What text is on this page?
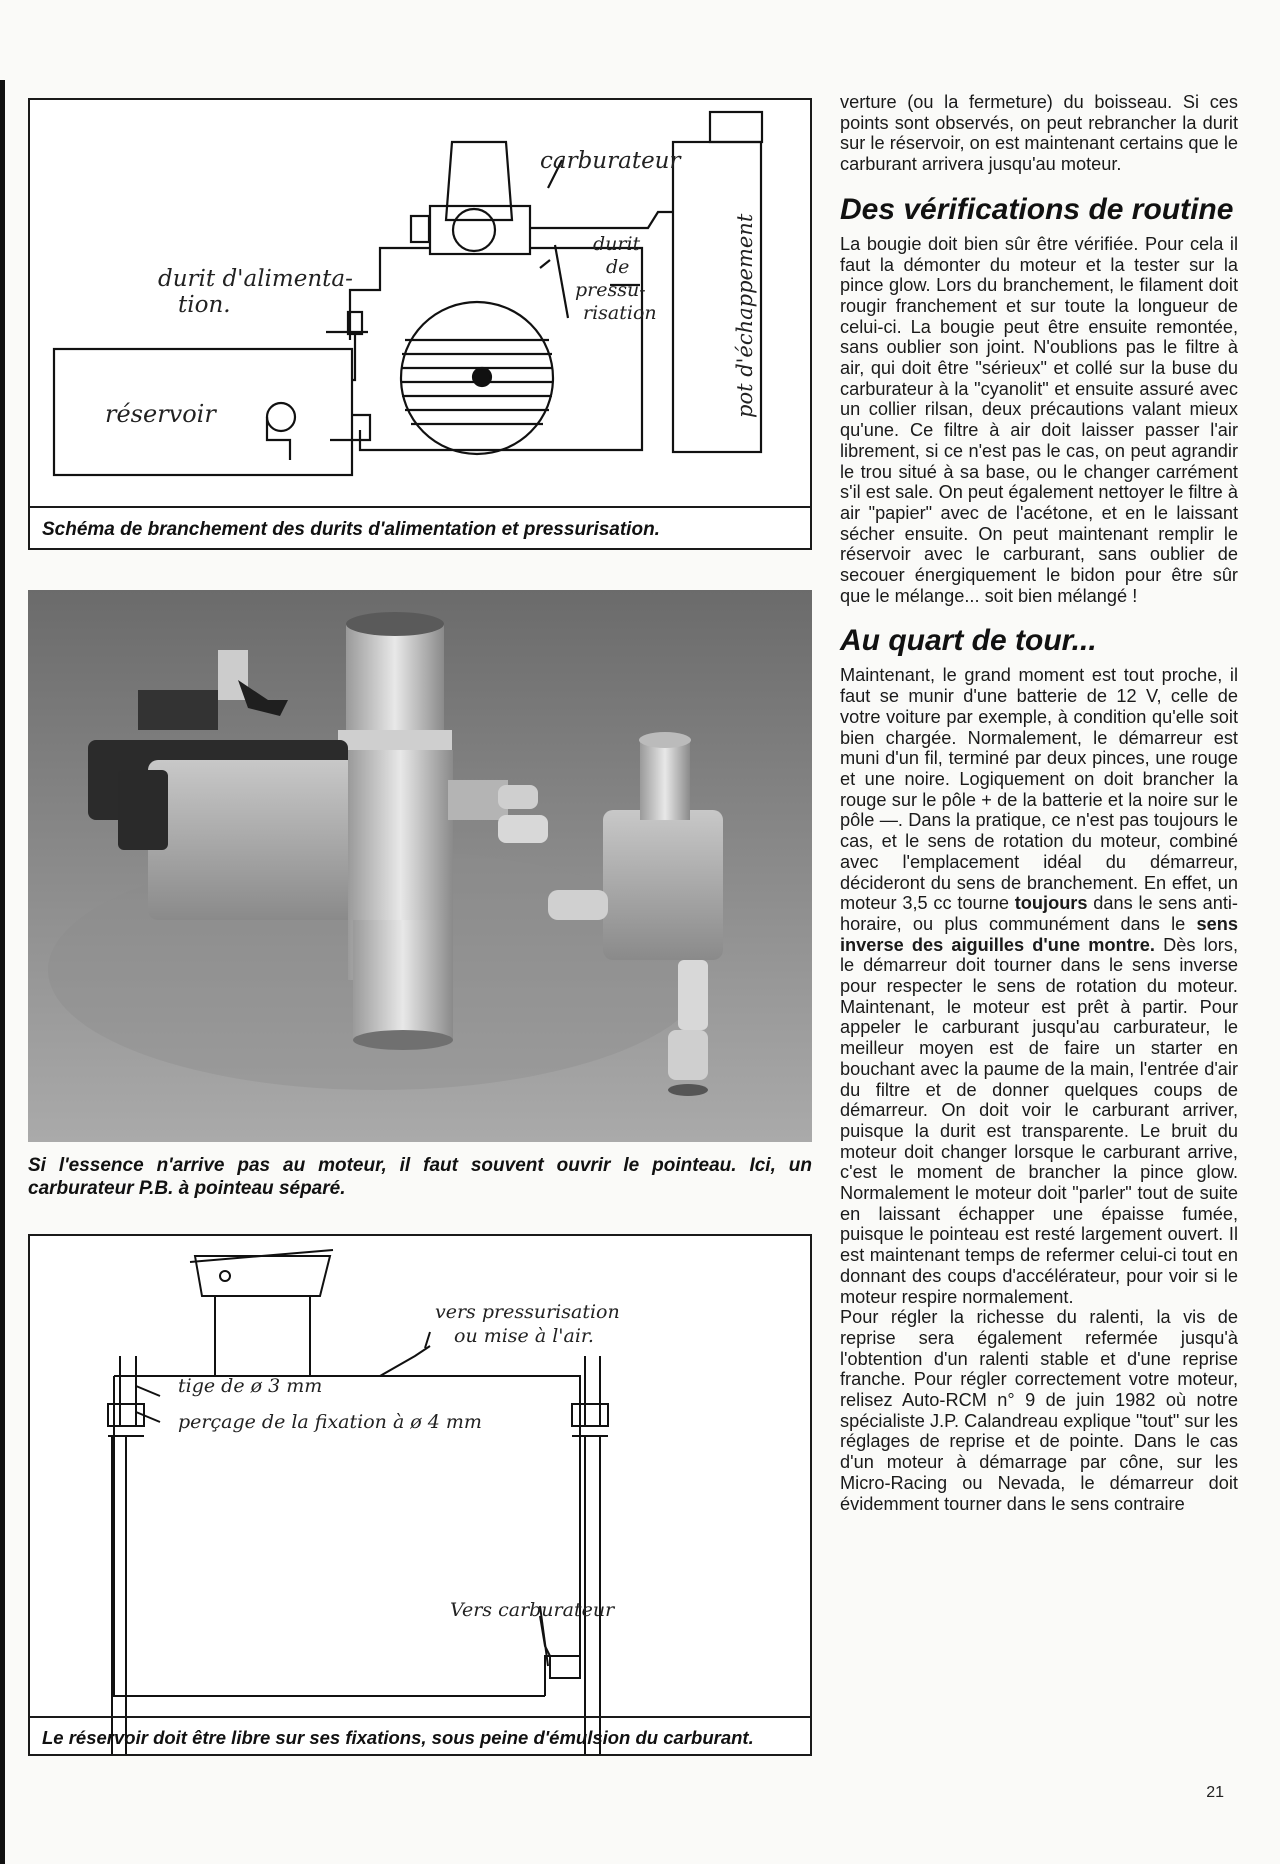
carburateur
durit
de
pressu-
risation
durit d'alimenta-
tion.
réservoir	pot d'échappement
Schéma de branchement des durits d'alimentation et pressurisation.
Si l'essence n'arrive pas au moteur, il faut souvent ouvrir le pointeau. Ici, un carburateur P.B. à pointeau séparé.
vers pressurisation
ou mise à l'air.
tige de ø 3 mm
perçage de la fixation à ø 4 mm
Vers carburateur
Le réservoir doit être libre sur ses fixations, sous peine d'émulsion du carburant.

verture (ou la fermeture) du boisseau. Si ces points sont observés, on peut rebrancher la durit sur le réservoir, on est maintenant certains que le carburant arrivera jusqu'au moteur.

Des vérifications de routine

La bougie doit bien sûr être vérifiée. Pour cela il faut la démonter du moteur et la tester sur la pince glow. Lors du branchement, le filament doit rougir franchement et sur toute la longueur de celui-ci. La bougie peut être ensuite remontée, sans oublier son joint. N'oublions pas le filtre à air, qui doit être "sérieux" et collé sur la buse du carburateur à la "cyanolit" et ensuite assuré avec un collier rilsan, deux précautions valant mieux qu'une. Ce filtre à air doit laisser passer l'air librement, si ce n'est pas le cas, on peut agrandir le trou situé à sa base, ou le changer carrément s'il est sale. On peut également nettoyer le filtre à air "papier" avec de l'acétone, et en le laissant sécher ensuite. On peut maintenant remplir le réservoir avec le carburant, sans oublier de secouer énergiquement le bidon pour être sûr que le mélange... soit bien mélangé !

Au quart de tour...

Maintenant, le grand moment est tout proche, il faut se munir d'une batterie de 12 V, celle de votre voiture par exemple, à condition qu'elle soit bien chargée. Normalement, le démarreur est muni d'un fil, terminé par deux pinces, une rouge et une noire. Logiquement on doit brancher la rouge sur le pôle + de la batterie et la noire sur le pôle —. Dans la pratique, ce n'est pas toujours le cas, et le sens de rotation du moteur, combiné avec l'emplacement idéal du démarreur, décideront du sens de branchement. En effet, un moteur 3,5 cc tourne toujours dans le sens anti-horaire, ou plus communément dans le sens inverse des aiguilles d'une montre. Dès lors, le démarreur doit tourner dans le sens inverse pour respecter le sens de rotation du moteur. Maintenant, le moteur est prêt à partir. Pour appeler le carburant jusqu'au carburateur, le meilleur moyen est de faire un starter en bouchant avec la paume de la main, l'entrée d'air du filtre et de donner quelques coups de démarreur. On doit voir le carburant arriver, puisque la durit est transparente. Le bruit du moteur doit changer lorsque le carburant arrive, c'est le moment de brancher la pince glow. Normalement le moteur doit "parler" tout de suite en laissant échapper une épaisse fumée, puisque le pointeau est resté largement ouvert. Il est maintenant temps de refermer celui-ci tout en donnant des coups d'accélérateur, pour voir si le moteur respire normalement.

Pour régler la richesse du ralenti, la vis de reprise sera également refermée jusqu'à l'obtention d'un ralenti stable et d'une reprise franche. Pour régler correctement votre moteur, relisez Auto-RCM n° 9 de juin 1982 où notre spécialiste J.P. Calandreau explique "tout" sur les réglages de reprise et de pointe. Dans le cas d'un moteur à démarrage par cône, sur les Micro-Racing ou Nevada, le démarreur doit évidemment tourner dans le sens contraire

21
